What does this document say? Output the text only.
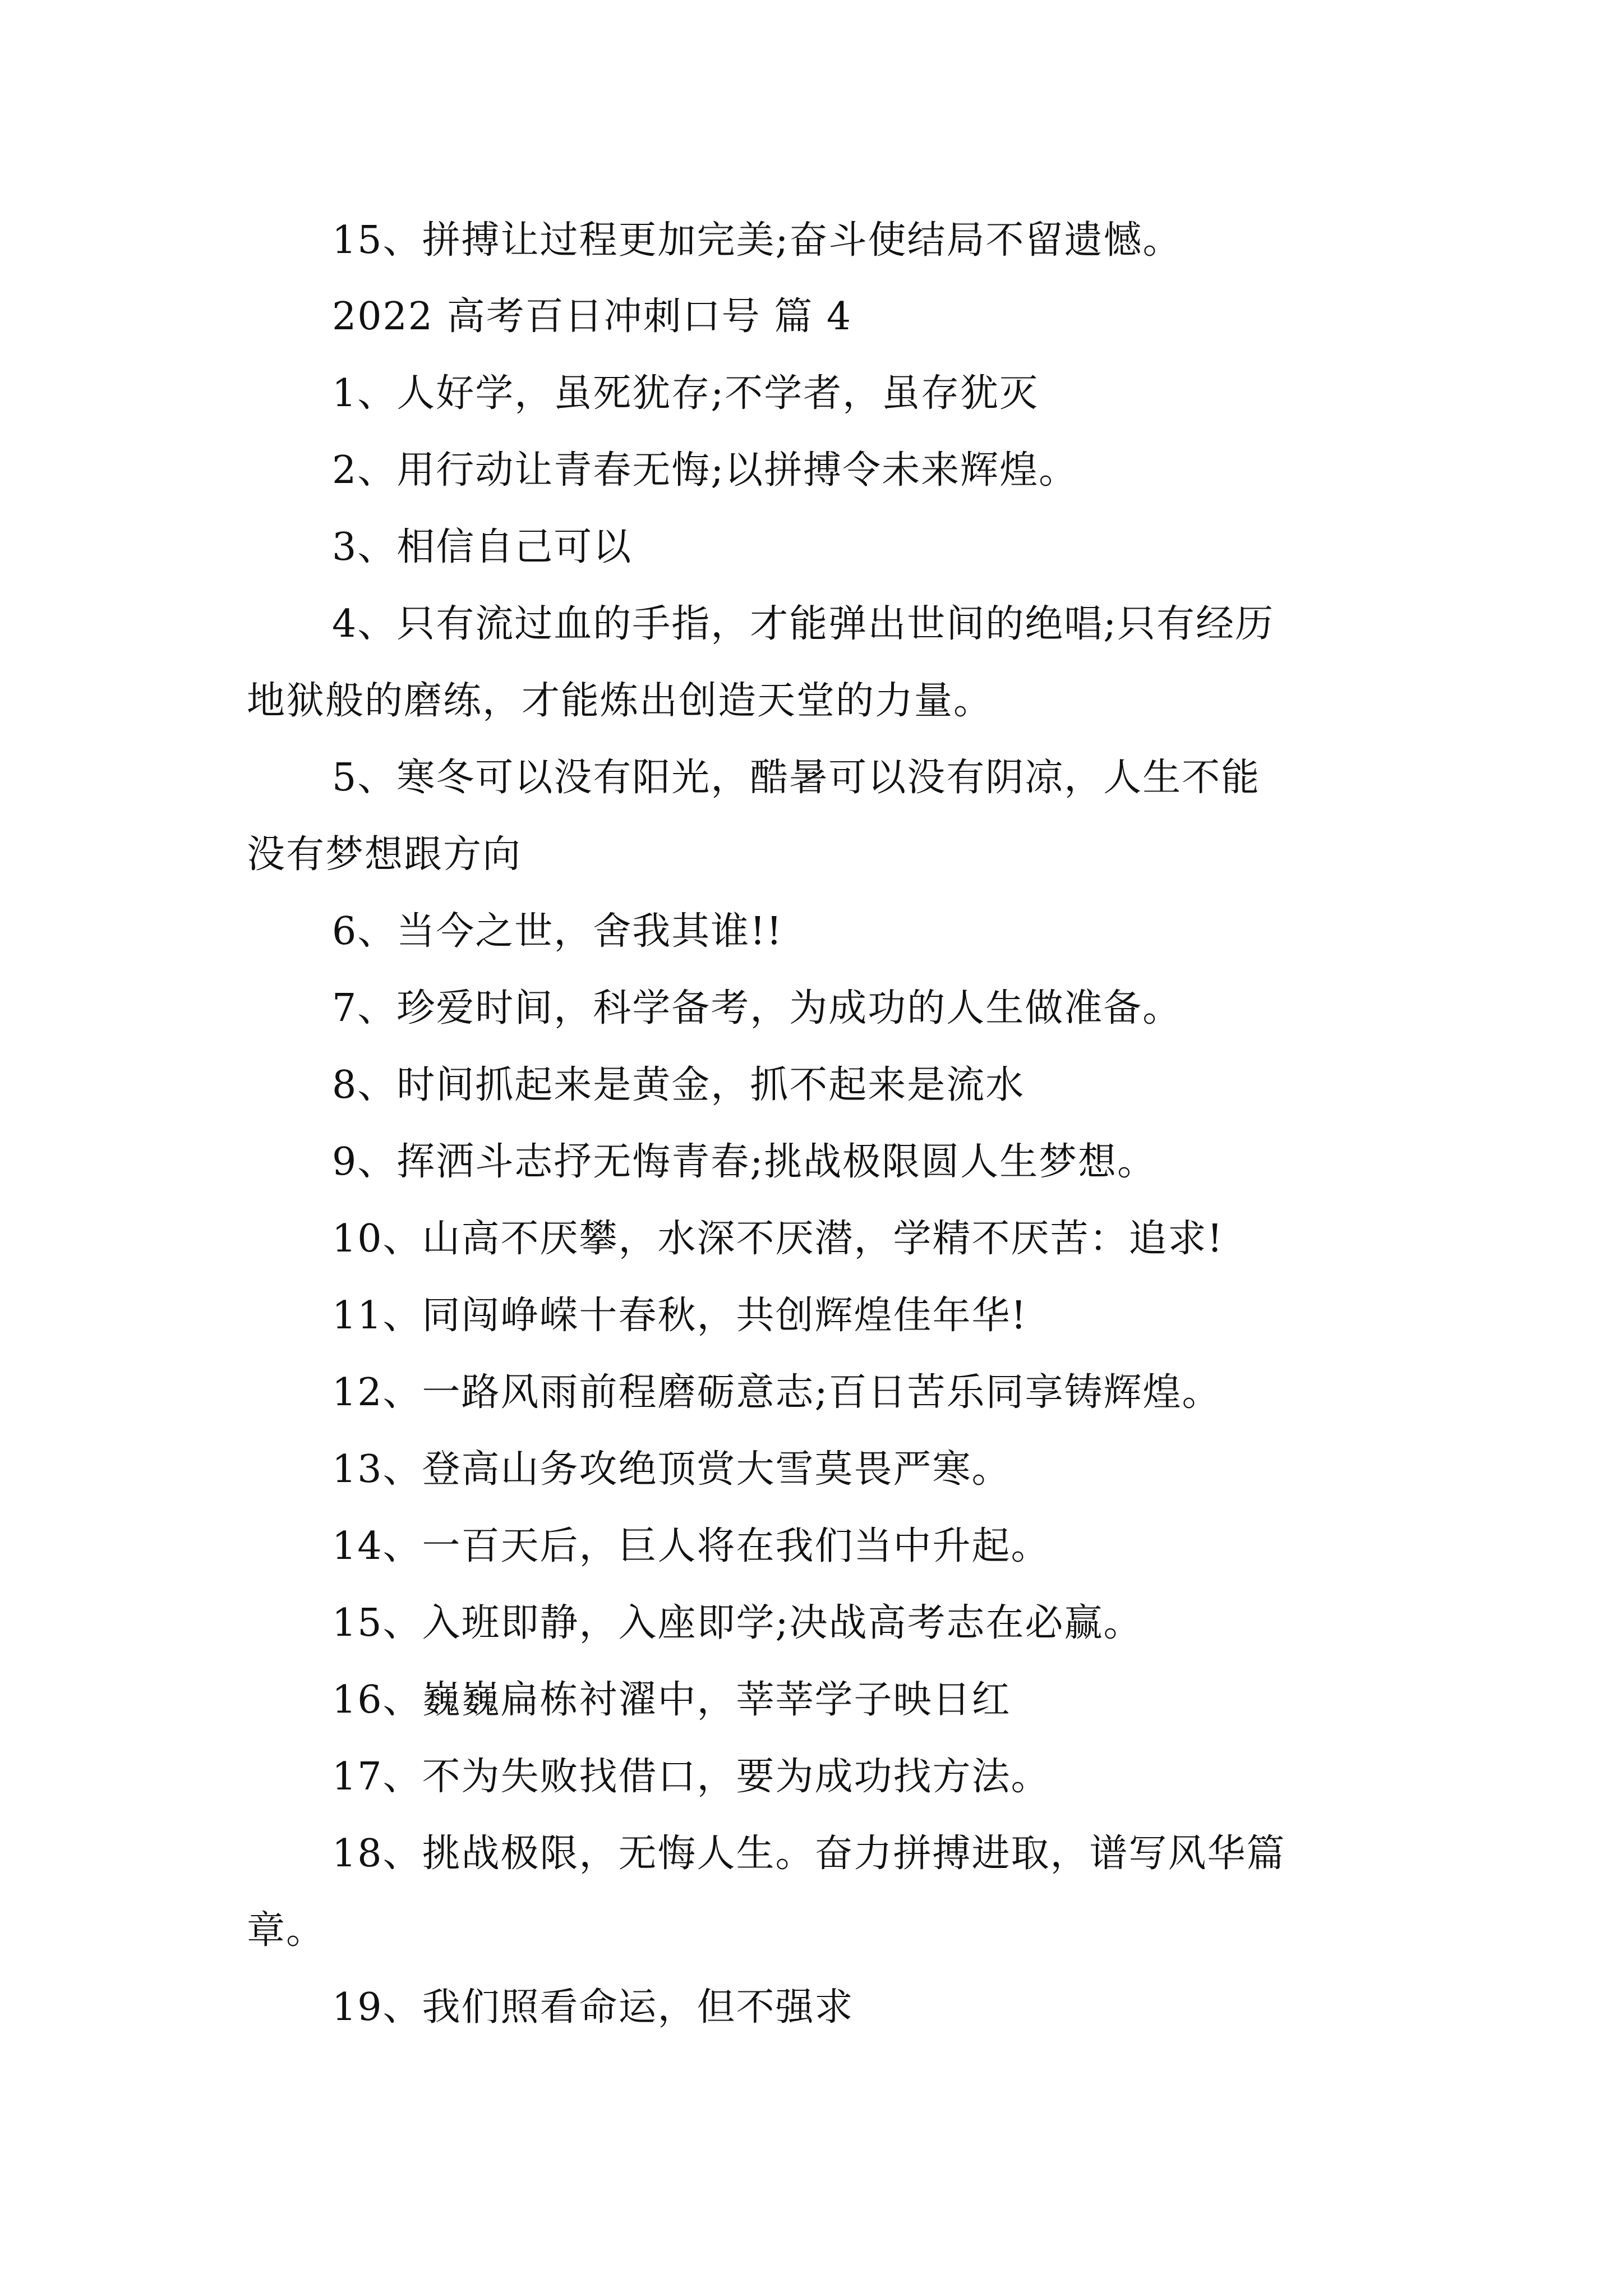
15、拼搏让过程更加完美;奋斗使结局不留遗憾。
2022 高考百日冲刺口号 篇 4
1、人好学，虽死犹存;不学者，虽存犹灭
2、用行动让青春无悔;以拼搏令未来辉煌。
3、相信自己可以
4、只有流过血的手指，才能弹出世间的绝唱;只有经历
地狱般的磨练，才能炼出创造天堂的力量。
5、寒冬可以没有阳光，酷暑可以没有阴凉，人生不能
没有梦想跟方向
6、当今之世，舍我其谁!!
7、珍爱时间，科学备考，为成功的人生做准备。
8、时间抓起来是黄金，抓不起来是流水
9、挥洒斗志抒无悔青春;挑战极限圆人生梦想。
10、山高不厌攀，水深不厌潜，学精不厌苦：追求!
11、同闯峥嵘十春秋，共创辉煌佳年华!
12、一路风雨前程磨砺意志;百日苦乐同享铸辉煌。
13、登高山务攻绝顶赏大雪莫畏严寒。
14、一百天后，巨人将在我们当中升起。
15、入班即静，入座即学;决战高考志在必赢。
16、巍巍扁栋衬濯中，莘莘学子映日红
17、不为失败找借口，要为成功找方法。
18、挑战极限，无悔人生。奋力拼搏进取，谱写风华篇
章。
19、我们照看命运，但不强求
